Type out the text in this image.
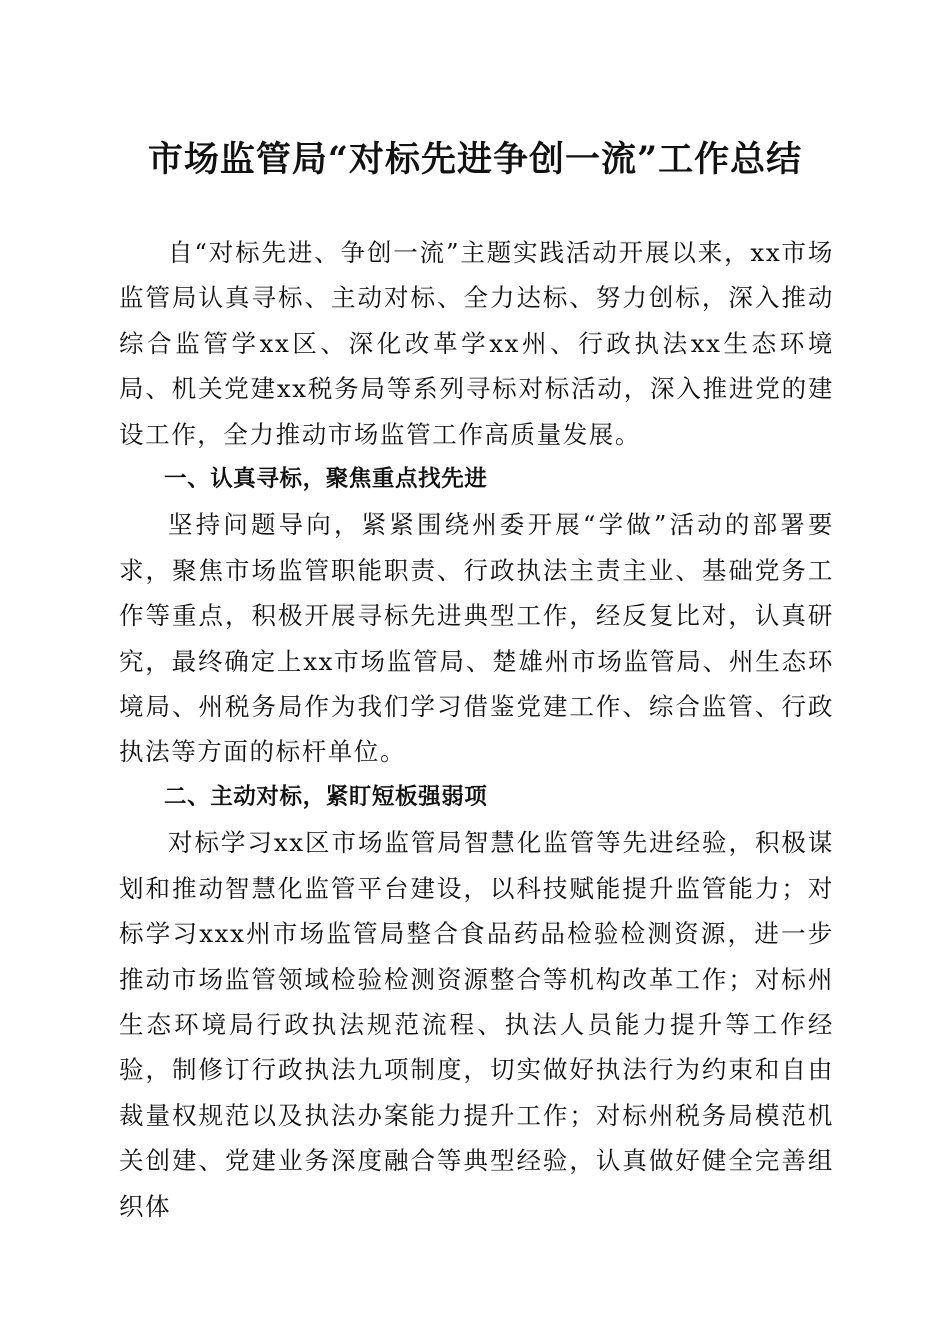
市场监管局“对标先进争创一流”工作总结

自“对标先进、争创一流”主题实践活动开展以来，xx市场监管局认真寻标、主动对标、全力达标、努力创标，深入推动综合监管学xx区、深化改革学xx州、行政执法xx生态环境局、机关党建xx税务局等系列寻标对标活动，深入推进党的建设工作，全力推动市场监管工作高质量发展。

一、认真寻标，聚焦重点找先进

坚持问题导向，紧紧围绕州委开展“学做”活动的部署要求，聚焦市场监管职能职责、行政执法主责主业、基础党务工作等重点，积极开展寻标先进典型工作，经反复比对，认真研究，最终确定上xx市场监管局、楚雄州市场监管局、州生态环境局、州税务局作为我们学习借鉴党建工作、综合监管、行政执法等方面的标杆单位。

二、主动对标，紧盯短板强弱项

对标学习xx区市场监管局智慧化监管等先进经验，积极谋划和推动智慧化监管平台建设，以科技赋能提升监管能力；对标学习xxx州市场监管局整合食品药品检验检测资源，进一步推动市场监管领域检验检测资源整合等机构改革工作；对标州生态环境局行政执法规范流程、执法人员能力提升等工作经验，制修订行政执法九项制度，切实做好执法行为约束和自由裁量权规范以及执法办案能力提升工作；对标州税务局模范机关创建、党建业务深度融合等典型经验，认真做好健全完善组织体
